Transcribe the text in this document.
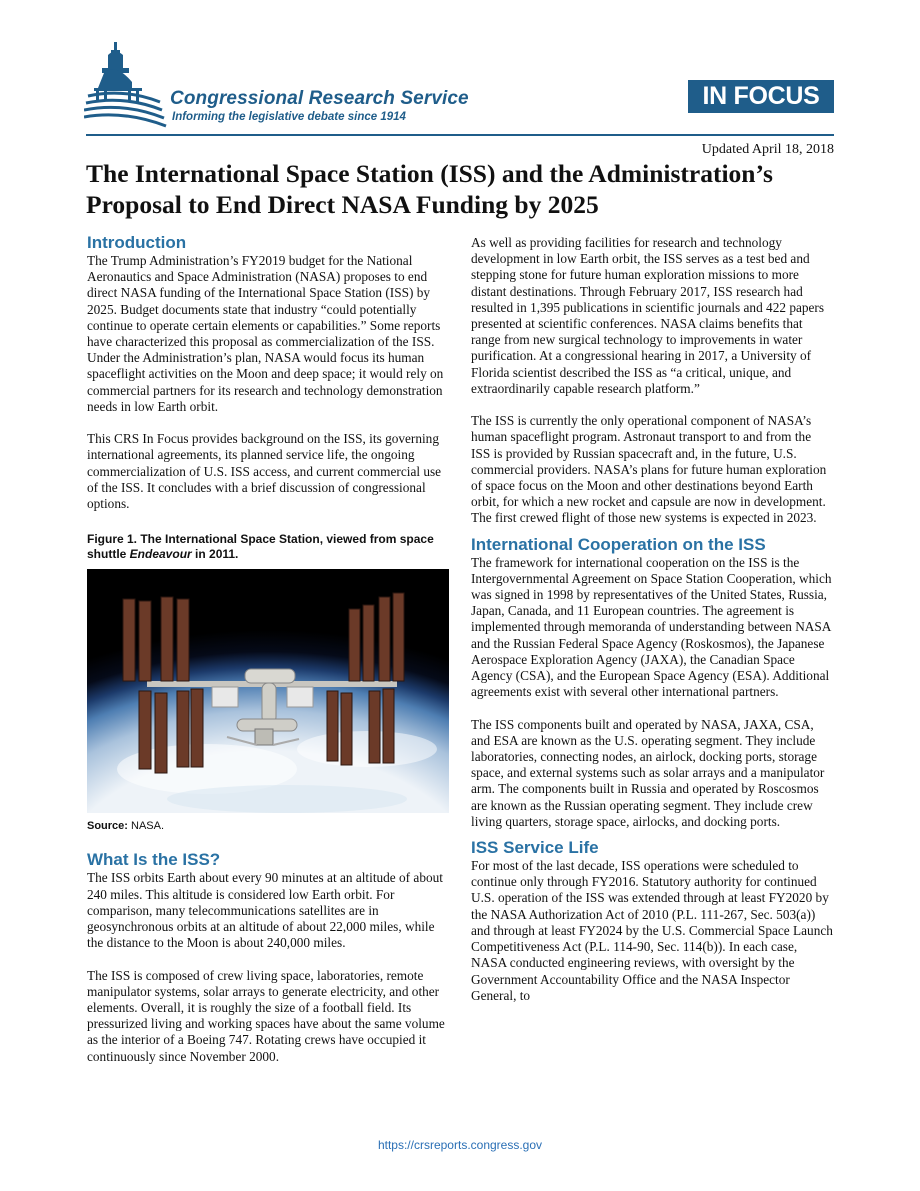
Congressional Research Service
Informing the legislative debate since 1914
IN FOCUS
Updated April 18, 2018
The International Space Station (ISS) and the Administration’s Proposal to End Direct NASA Funding by 2025
Introduction

The Trump Administration’s FY2019 budget for the National Aeronautics and Space Administration (NASA) proposes to end direct NASA funding of the International Space Station (ISS) by 2025. Budget documents state that industry “could potentially continue to operate certain elements or capabilities.” Some reports have characterized this proposal as commercialization of the ISS. Under the Administration’s plan, NASA would focus its human spaceflight activities on the Moon and deep space; it would rely on commercial partners for its research and technology demonstration needs in low Earth orbit.

This CRS In Focus provides background on the ISS, its governing international agreements, its planned service life, the ongoing commercialization of U.S. ISS access, and current commercial use of the ISS. It concludes with a brief discussion of congressional options.

Figure 1. The International Space Station, viewed from space shuttle Endeavour in 2011.

Source: NASA.

What Is the ISS?

The ISS orbits Earth about every 90 minutes at an altitude of about 240 miles. This altitude is considered low Earth orbit. For comparison, many telecommunications satellites are in geosynchronous orbits at an altitude of about 22,000 miles, while the distance to the Moon is about 240,000 miles.

The ISS is composed of crew living space, laboratories, remote manipulator systems, solar arrays to generate electricity, and other elements. Overall, it is roughly the size of a football field. Its pressurized living and working spaces have about the same volume as the interior of a Boeing 747. Rotating crews have occupied it continuously since November 2000.

As well as providing facilities for research and technology development in low Earth orbit, the ISS serves as a test bed and stepping stone for future human exploration missions to more distant destinations. Through February 2017, ISS research had resulted in 1,395 publications in scientific journals and 422 papers presented at scientific conferences. NASA claims benefits that range from new surgical technology to improvements in water purification. At a congressional hearing in 2017, a University of Florida scientist described the ISS as “a critical, unique, and extraordinarily capable research platform.”

The ISS is currently the only operational component of NASA’s human spaceflight program. Astronaut transport to and from the ISS is provided by Russian spacecraft and, in the future, U.S. commercial providers. NASA’s plans for future human exploration of space focus on the Moon and other destinations beyond Earth orbit, for which a new rocket and capsule are now in development. The first crewed flight of those new systems is expected in 2023.

International Cooperation on the ISS

The framework for international cooperation on the ISS is the Intergovernmental Agreement on Space Station Cooperation, which was signed in 1998 by representatives of the United States, Russia, Japan, Canada, and 11 European countries. The agreement is implemented through memoranda of understanding between NASA and the Russian Federal Space Agency (Roskosmos), the Japanese Aerospace Exploration Agency (JAXA), the Canadian Space Agency (CSA), and the European Space Agency (ESA). Additional agreements exist with several other international partners.

The ISS components built and operated by NASA, JAXA, CSA, and ESA are known as the U.S. operating segment. They include laboratories, connecting nodes, an airlock, docking ports, storage space, and external systems such as solar arrays and a manipulator arm. The components built in Russia and operated by Roscosmos are known as the Russian operating segment. They include crew living quarters, storage space, airlocks, and docking ports.

ISS Service Life

For most of the last decade, ISS operations were scheduled to continue only through FY2016. Statutory authority for continued U.S. operation of the ISS was extended through at least FY2020 by the NASA Authorization Act of 2010 (P.L. 111-267, Sec. 503(a)) and through at least FY2024 by the U.S. Commercial Space Launch Competitiveness Act (P.L. 114-90, Sec. 114(b)). In each case, NASA conducted engineering reviews, with oversight by the Government Accountability Office and the NASA Inspector General, to

https://crsreports.congress.gov
